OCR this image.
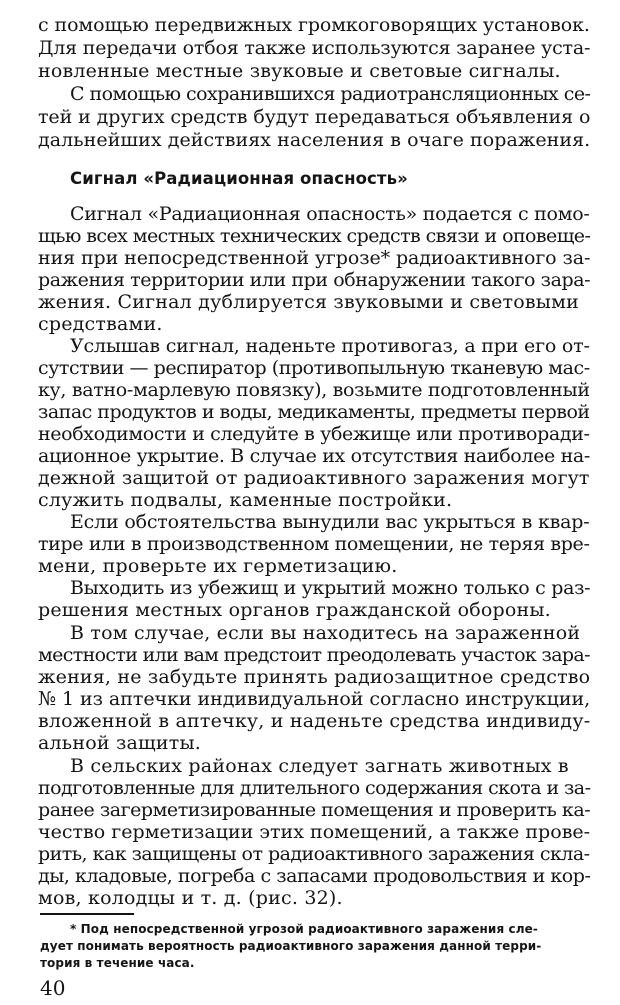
с помощью передвижных громкоговорящих установок.

Для передачи отбоя также используются заранее уста-

новленные местные звуковые и световые сигналы.

С помощью сохранившихся радиотрансляционных се-

тей и других средств будут передаваться объявления о

дальнейших действиях населения в очаге поражения.

Сигнал «Радиационная опасность»

Сигнал «Радиационная опасность» подается с помо-

щью всех местных технических средств связи и оповеще-

ния при непосредственной угрозе* радиоактивного за-

ражения территории или при обнаружении такого зара-

жения. Сигнал дублируется звуковыми и световыми

средствами.

Услышав сигнал, наденьте противогаз, а при его от-

сутствии — респиратор (противопыльную тканевую мас-

ку, ватно-марлевую повязку), возьмите подготовленный

запас продуктов и воды, медикаменты, предметы первой

необходимости и следуйте в убежище или противоради-

ационное укрытие. В случае их отсутствия наиболее на-

дежной защитой от радиоактивного заражения могут

служить подвалы, каменные постройки.

Если обстоятельства вынудили вас укрыться в квар-

тире или в производственном помещении, не теряя вре-

мени, проверьте их герметизацию.

Выходить из убежищ и укрытий можно только с раз-

решения местных органов гражданской обороны.

В том случае, если вы находитесь на зараженной

местности или вам предстоит преодолевать участок зара-

жения, не забудьте принять радиозащитное средство

№ 1 из аптечки индивидуальной согласно инструкции,

вложенной в аптечку, и наденьте средства индивиду-

альной защиты.

В сельских районах следует загнать животных в

подготовленные для длительного содержания скота и за-

ранее загерметизированные помещения и проверить ка-

чество герметизации этих помещений, а также прове-

рить, как защищены от радиоактивного заражения скла-

ды, кладовые, погреба с запасами продовольствия и кор-

мов, колодцы и т. д. (рис. 32).

* Под непосредственной угрозой радиоактивного заражения сле-

дует понимать вероятность радиоактивного заражения данной терри-

тория в течение часа.

40
